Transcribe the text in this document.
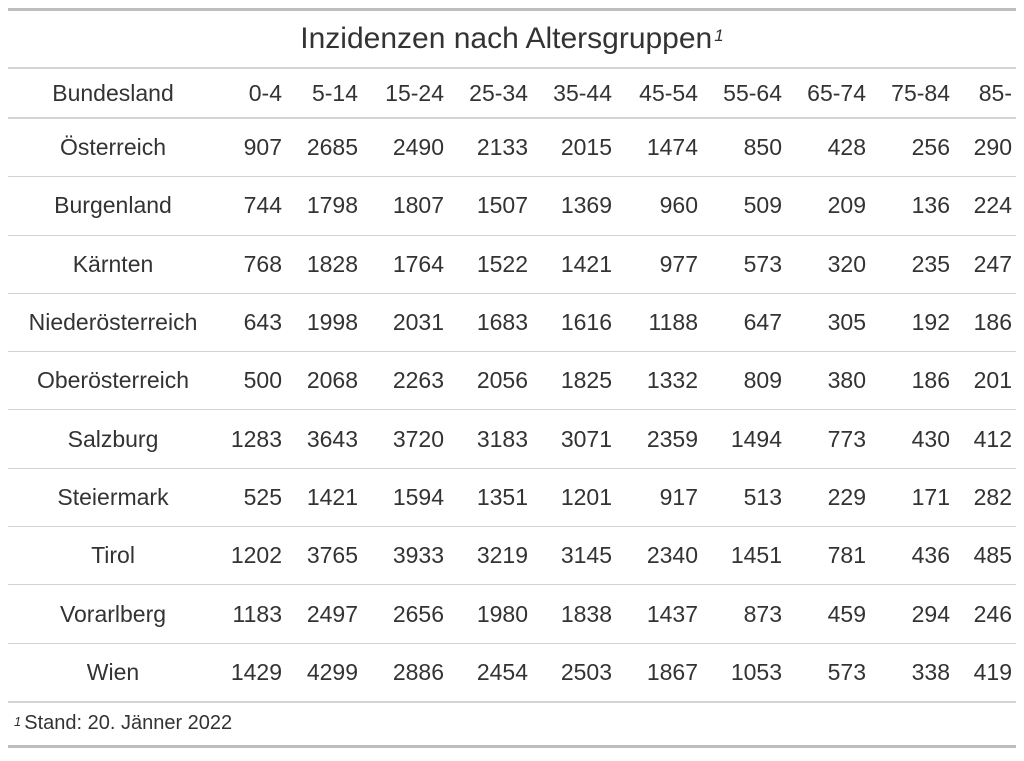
Inzidenzen nach Altersgruppen$^1$
Bundesland	0-4	5-14	15-24	25-34	35-44	45-54	55-64	65-74	75-84	85-
Österreich	907	2685	2490	2133	2015	1474	850	428	256	290
Burgenland	744	1798	1807	1507	1369	960	509	209	136	224
Kärnten	768	1828	1764	1522	1421	977	573	320	235	247
Niederösterreich	643	1998	2031	1683	1616	1188	647	305	192	186
Oberösterreich	500	2068	2263	2056	1825	1332	809	380	186	201
Salzburg	1283	3643	3720	3183	3071	2359	1494	773	430	412
Steiermark	525	1421	1594	1351	1201	917	513	229	171	282
Tirol	1202	3765	3933	3219	3145	2340	1451	781	436	485
Vorarlberg	1183	2497	2656	1980	1838	1437	873	459	294	246
Wien	1429	4299	2886	2454	2503	1867	1053	573	338	419
$^1$ Stand: 20. Jänner 2022
